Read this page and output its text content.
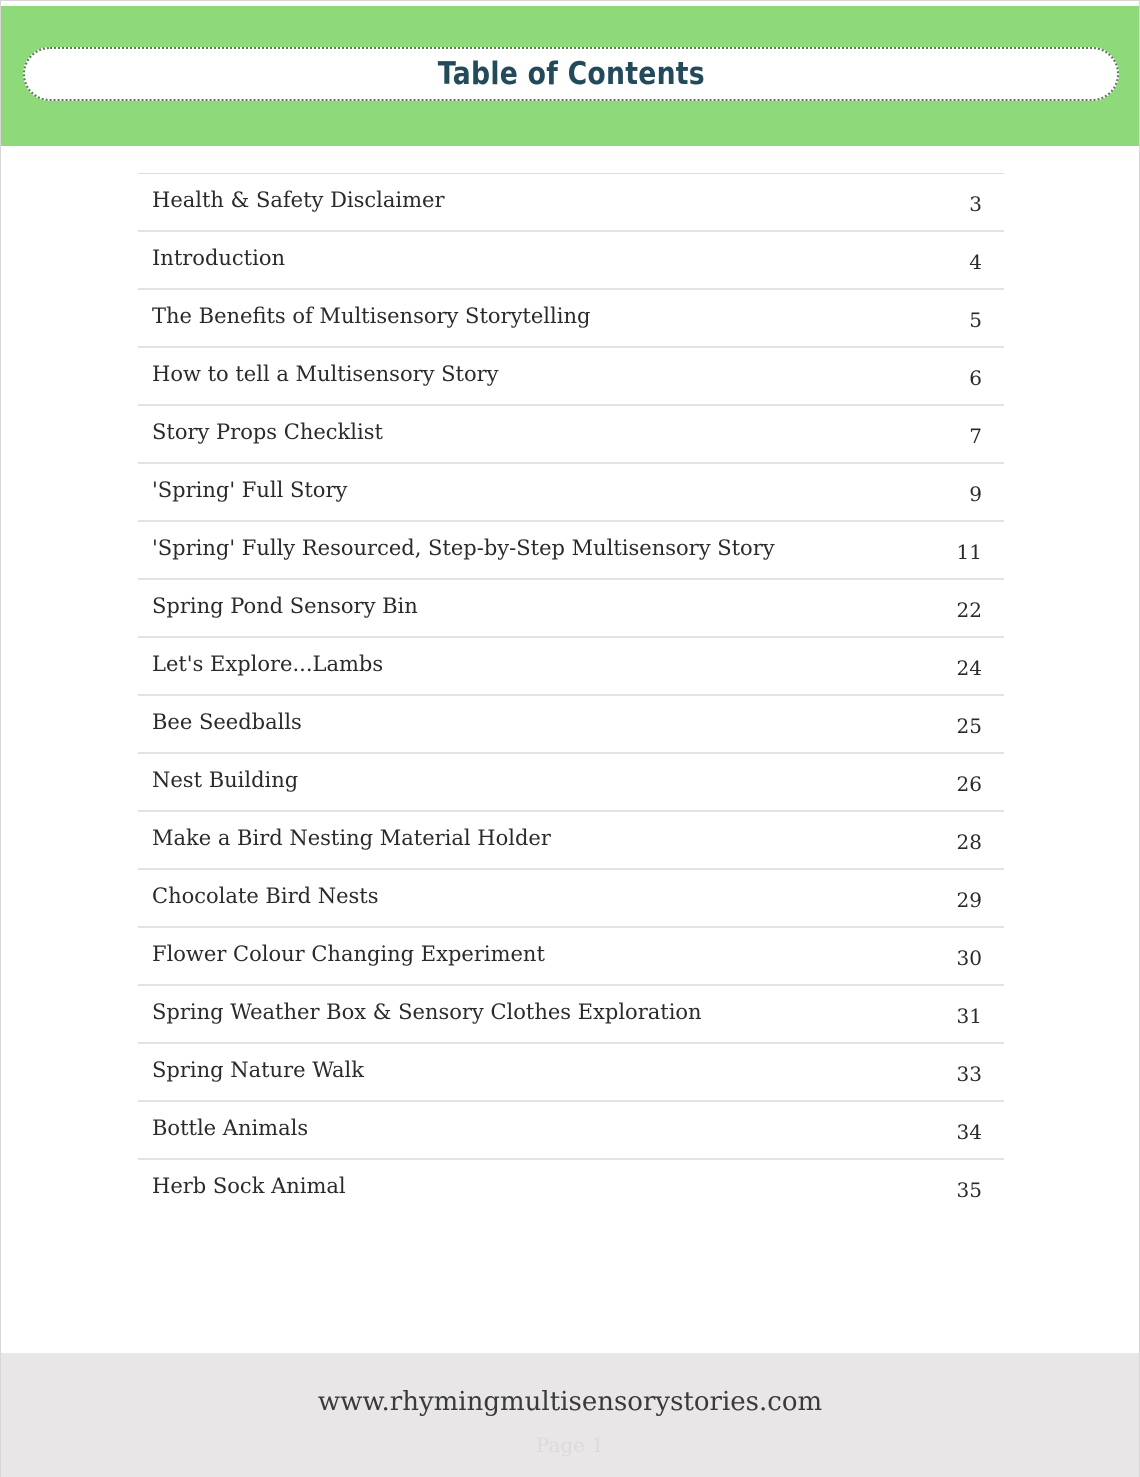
Table of Contents
Health & Safety Disclaimer	3
Introduction	4
The Benefits of Multisensory Storytelling	5
How to tell a Multisensory Story	6
Story Props Checklist	7
'Spring' Full Story	9
'Spring' Fully Resourced, Step-by-Step Multisensory Story	11
Spring Pond Sensory Bin	22
Let's Explore...Lambs	24
Bee Seedballs	25
Nest Building	26
Make a Bird Nesting Material Holder	28
Chocolate Bird Nests	29
Flower Colour Changing Experiment	30
Spring Weather Box & Sensory Clothes Exploration	31
Spring Nature Walk	33
Bottle Animals	34
Herb Sock Animal	35
www.rhymingmultisensorystories.com
Page 1
